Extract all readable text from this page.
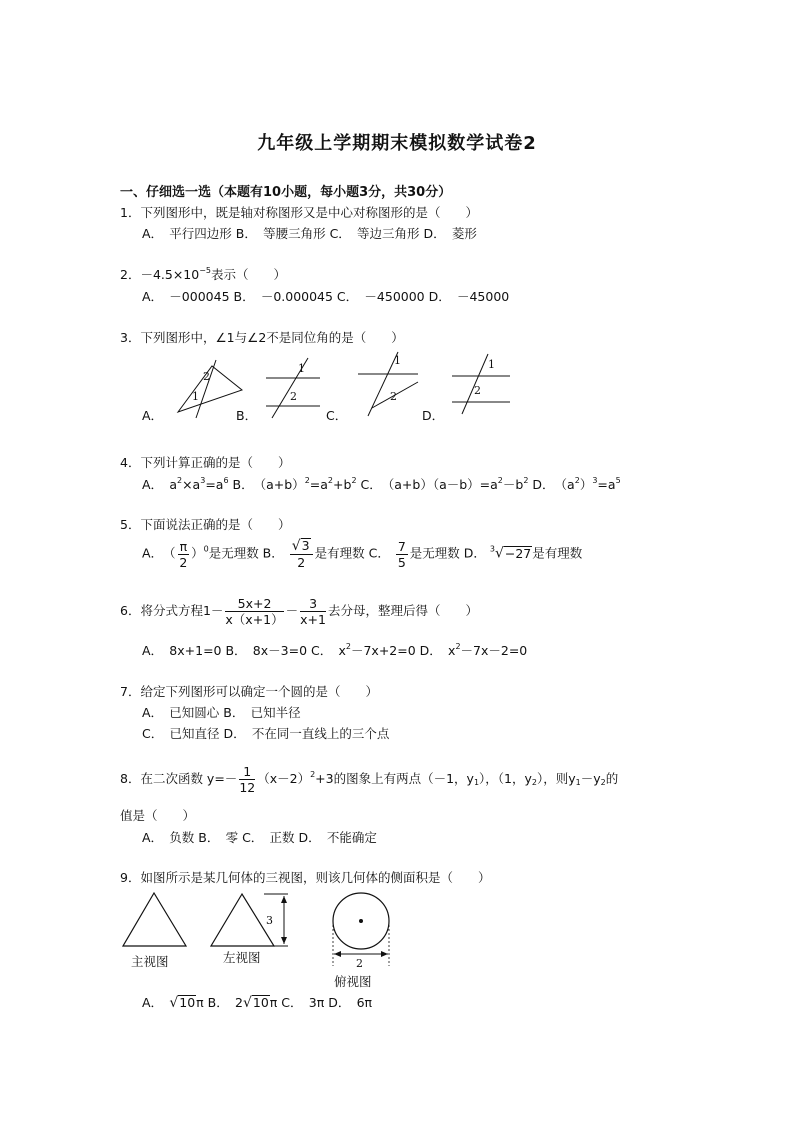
九年级上学期期末模拟数学试卷2
一、仔细选一选（本题有10小题，每小题3分，共30分）
1．下列图形中，既是轴对称图形又是中心对称图形的是（　　）
A．　平行四边形 B．　等腰三角形 C．　等边三角形 D．　菱形
2．$-4.5\times 10^{-5}$表示（　　）
A．　－000045 B．　－0.000045 C．　－450000 D．　－45000
3．下列图形中，∠1与∠2不是同位角的是（　　）
A．
2
1
B．
1
2
C．
1
2
D．
1
2
4．下列计算正确的是（　　）
A．　$a^2\times a^3=a^6$ B．　$(a+b)^2=a^2+b^2$ C．　$(a+b)(a-b)=a^2-b^2$ D．　$(a^2)^3=a^5$
5．下面说法正确的是（　　）
A．　（ $\frac{\pi}{2} )^0$是无理数 B． $\frac{√3}{2}$ 是有理数 C． $\frac{7}{5}$ 是无理数 D． $^3$√−27是有理数
6．将分式方程$1- \frac{5x+2}{x(x+1)} - \frac{3}{x+1}$ 去分母，整理后得（　　）
A．　8x+1=0 B．　8x－3=0 C．　$x^2-7x+2=0$ D．　$x^2-7x-2=0$
7．给定下列图形可以确定一个圆的是（　　）
A．　已知圆心 B．　已知半径
C．　已知直径 D．　不在同一直线上的三个点
8．在二次函数 $y=- \frac{1}{12} (x-2)^2+3$的图象上有两点（－1，$y_1$），（1，$y_2$），则$y_1-y_2$的
值是（　　）
A．　负数 B．　零 C．　正数 D．　不能确定
9．如图所示是某几何体的三视图，则该几何体的侧面积是（　　）
主视图
3
左视图	2
俯视图
A．　 √10π B．　2√10π C．　3π D．　6π
